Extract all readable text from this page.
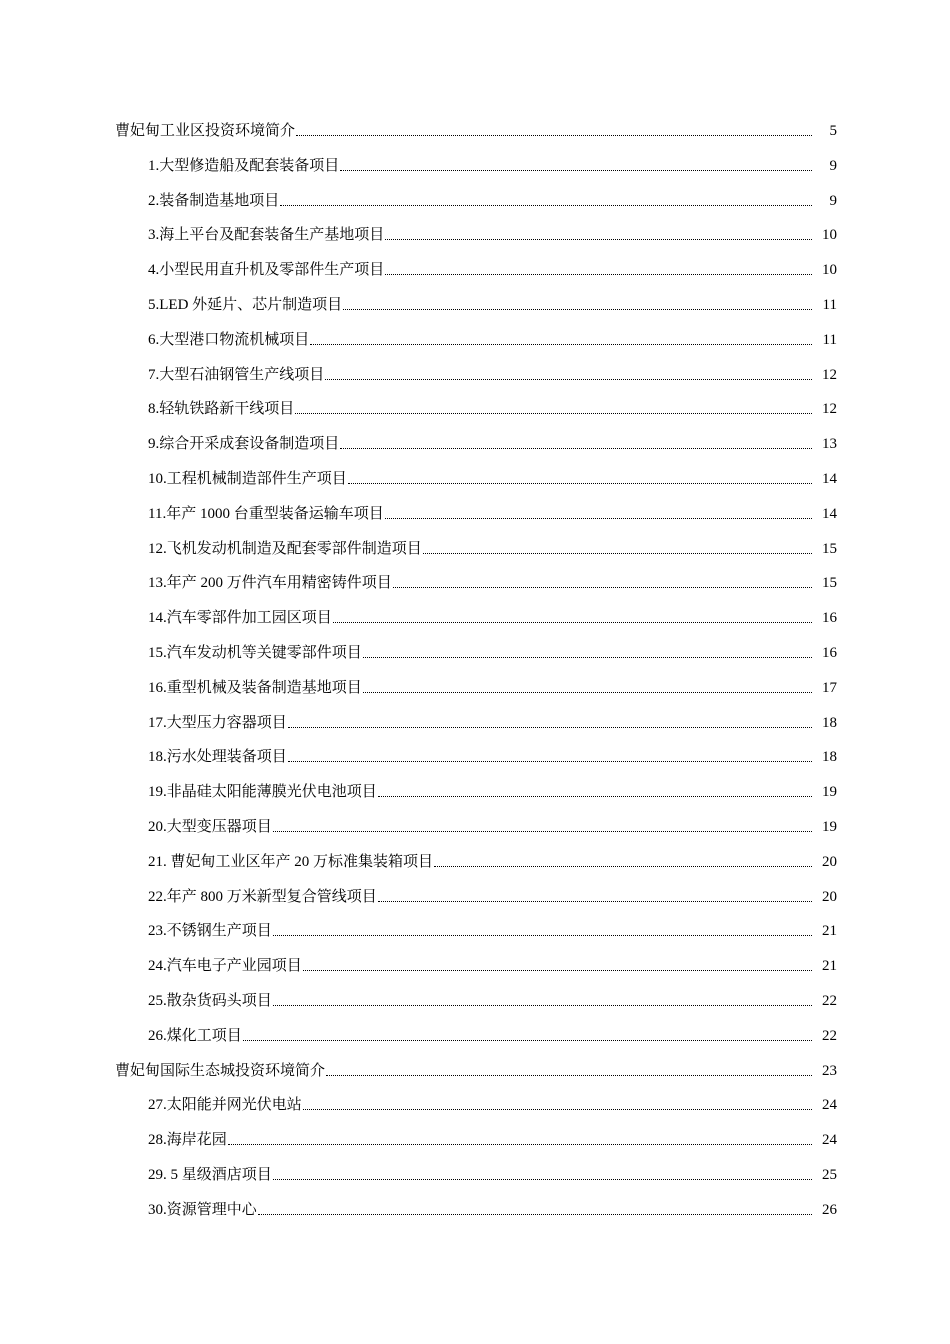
曹妃甸工业区投资环境简介	5
1.大型修造船及配套装备项目	9
2.装备制造基地项目	9
3.海上平台及配套装备生产基地项目	10
4.小型民用直升机及零部件生产项目	10
5.LED 外延片、芯片制造项目	11
6.大型港口物流机械项目	11
7.大型石油钢管生产线项目	12
8.轻轨铁路新干线项目	12
9.综合开采成套设备制造项目	13
10.工程机械制造部件生产项目	14
11.年产 1000 台重型装备运输车项目	14
12.飞机发动机制造及配套零部件制造项目	15
13.年产 200 万件汽车用精密铸件项目	15
14.汽车零部件加工园区项目	16
15.汽车发动机等关键零部件项目	16
16.重型机械及装备制造基地项目	17
17.大型压力容器项目	18
18.污水处理装备项目	18
19.非晶硅太阳能薄膜光伏电池项目	19
20.大型变压器项目	19
21. 曹妃甸工业区年产 20 万标准集装箱项目	20
22.年产 800 万米新型复合管线项目	20
23.不锈钢生产项目	21
24.汽车电子产业园项目	21
25.散杂货码头项目	22
26.煤化工项目	22
曹妃甸国际生态城投资环境简介	23
27.太阳能并网光伏电站	24
28.海岸花园	24
29. 5 星级酒店项目	25
30.资源管理中心	26
